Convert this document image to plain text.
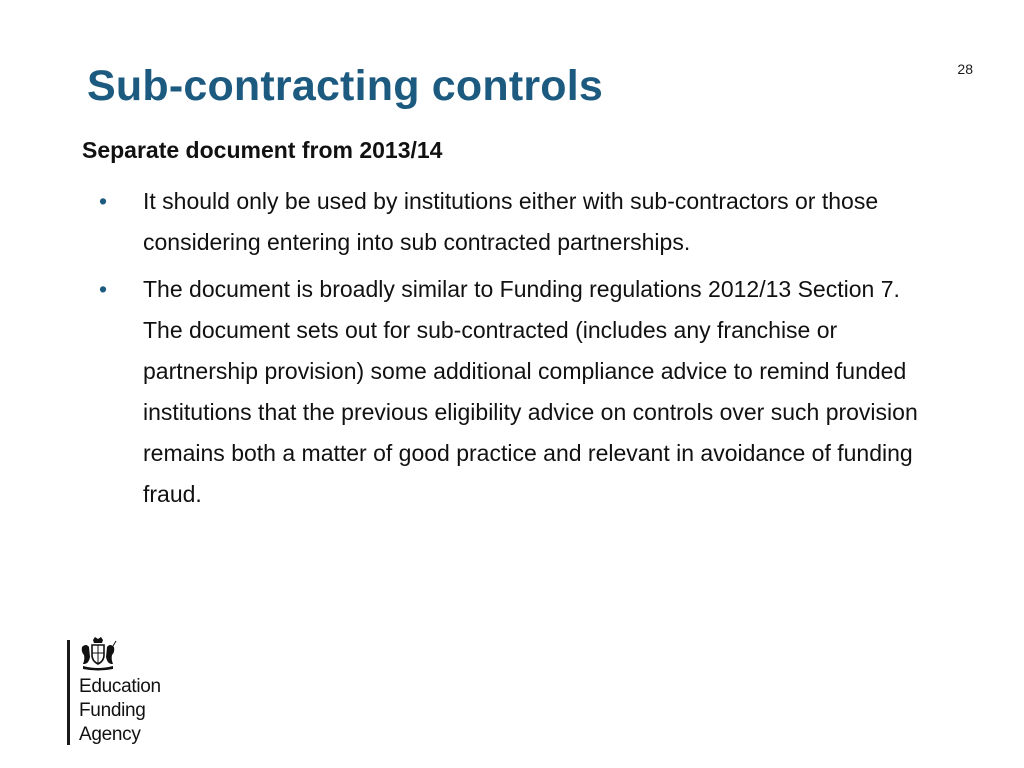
28
Sub-contracting controls
Separate document from 2013/14
• It should only be used by institutions either with sub-contractors or those considering entering into sub contracted partnerships.
• The document is broadly similar to Funding regulations 2012/13 Section 7. The document sets out for sub-contracted (includes any franchise or partnership provision) some additional compliance advice to remind funded institutions that the previous eligibility advice on controls over such provision remains both a matter of good practice and relevant in avoidance of funding fraud.
Education
Funding
Agency
